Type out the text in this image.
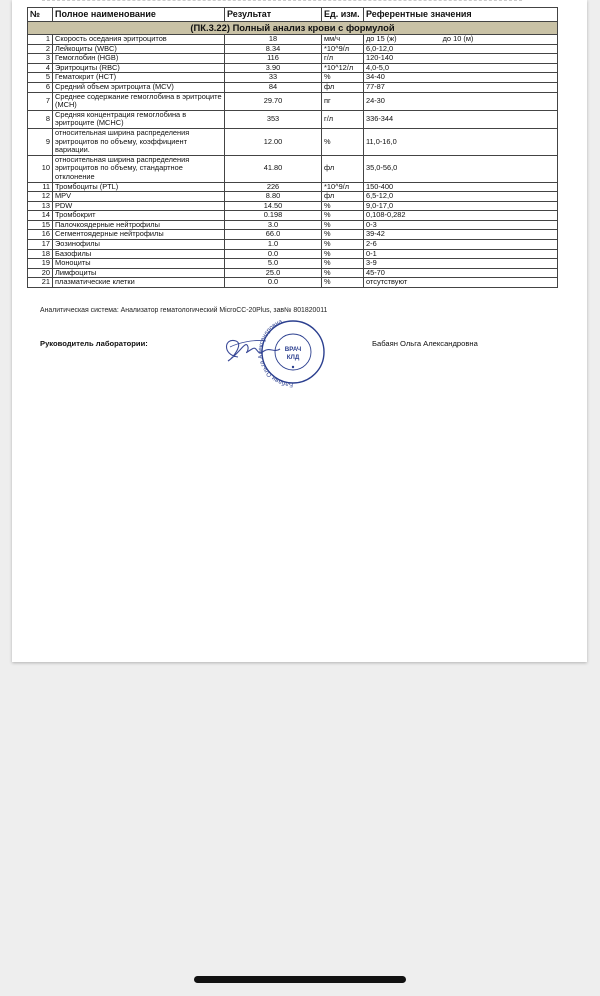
№	Полное наименование	Результат	Ед. изм.	Референтные значения
(ПК.3.22) Полный анализ крови с формулой				
1	Скорость оседания эритроцитов	18	мм/ч	до 15 (ж) до 10 (м)
2	Лейкоциты (WBC)	8.34	*10^9/л	6,0-12,0
3	Гемоглобин (HGB)	116	г/л	120-140
4	Эритроциты (RBC)	3.90	*10^12/л	4,0-5,0
5	Гематокрит (HCT)	33	%	34-40
6	Средний объем эритроцита (MCV)	84	фл	77-87
7	Среднее содержание гемоглобина в эритроците (MCH)	29.70	пг	24-30
8	Средняя концентрация гемоглобина в эритроците (MCHC)	353	г/л	336-344
9	относительная ширина распределения эритроцитов по объему, коэффициент вариации.	12.00	%	11,0-16,0
10	относительная ширина распределения эритроцитов по объему, стандартное отклонение	41.80	фл	35,0-56,0
11	Тромбоциты (PTL)	226	*10^9/л	150-400
12	MPV	8.80	фл	6,5-12,0
13	PDW	14.50	%	9,0-17,0
14	Тромбокрит	0.198	%	0,108-0,282
15	Палочкоядерные нейтрофилы	3.0	%	0-3
16	Сегментоядерные нейтрофилы	66.0	%	39-42
17	Эозинофилы	1.0	%	2-6
18	Базофилы	0.0	%	0-1
19	Моноциты	5.0	%	3-9
20	Лимфоциты	25.0	%	45-70
21	плазматические клетки	0.0	%	отсутствуют
Аналитическая система: Анализатор гематологический MicroCC-20Plus, зав№ 801820011
Руководитель лаборатории:	Бабаян Ольга Александровна
Бабаян Ольга Александровна
ВРАЧ
КЛД
